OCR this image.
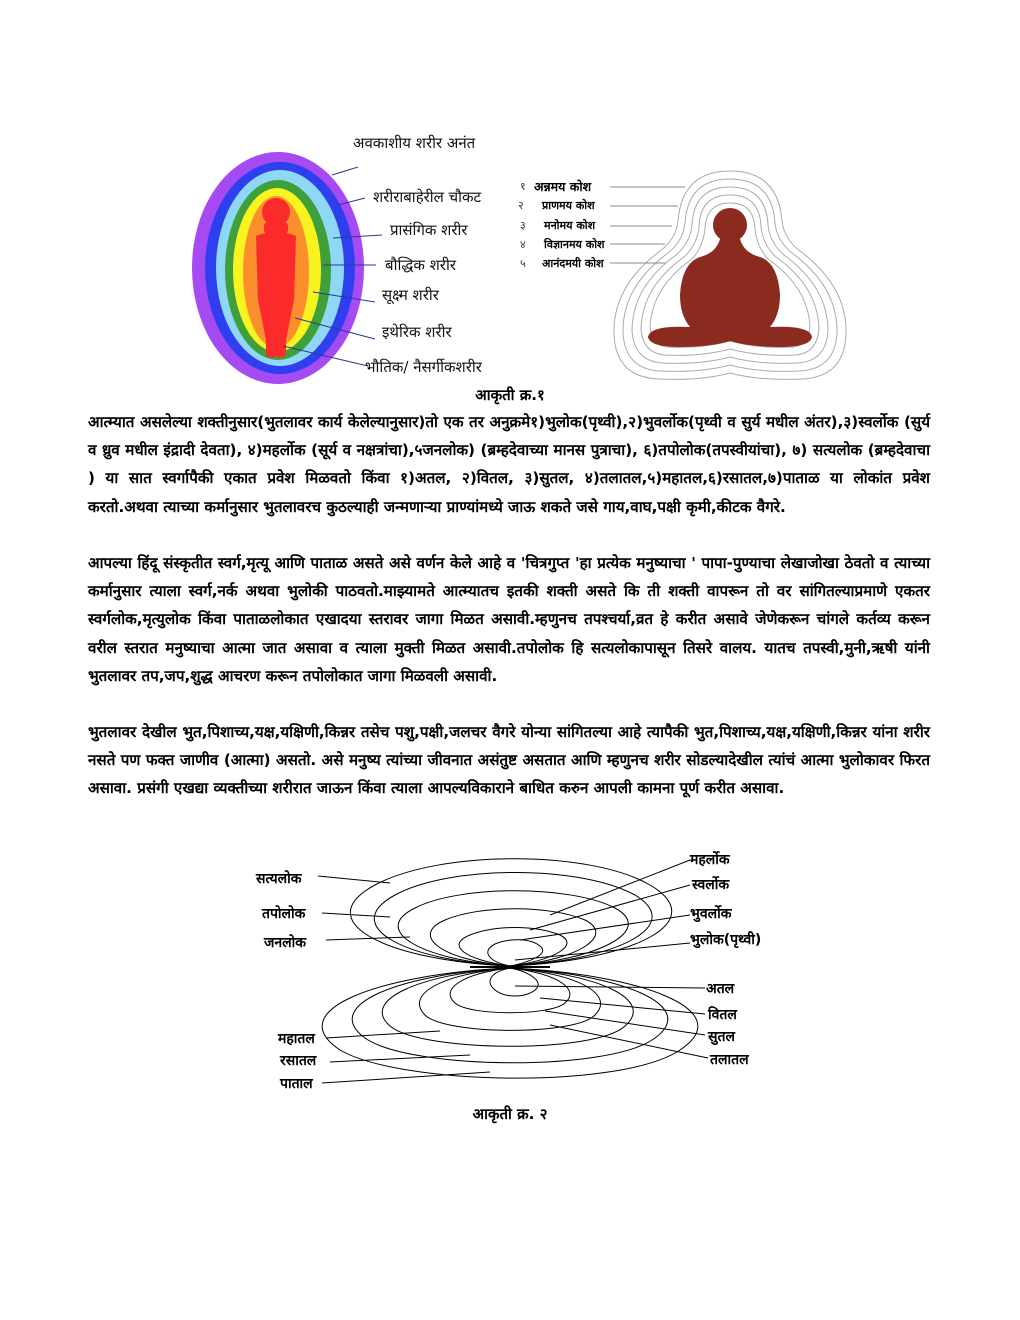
अवकाशीय शरीर अनंत
शरीराबाहेरील चौकट
प्रासंगिक शरीर
बौद्धिक शरीर
सूक्ष्म शरीर
इथेरिक शरीर
भौतिक/ नैसर्गीकशरीर
१
२
३
४
५
अन्नमय कोश
प्राणमय कोश
मनोमय कोश
विज्ञानमय कोश
आनंदमयी कोश
आकृती क्र.१

आत्म्यात असलेल्या शक्तीनुसार(भुतलावर कार्य केलेल्यानुसार)तो एक तर अनुक्रमे१)भुलोक(पृथ्वी),२)भुवर्लोक(पृथ्वी व सुर्य मधील अंतर),३)स्वर्लोक (सुर्य व ध्रुव मधील इंद्रादी देवता), ४)महर्लोक (सूर्य व नक्षत्रांचा),५जनलोक) (ब्रम्हदेवाच्या मानस पुत्राचा), ६)तपोलोक(तपस्वीयांचा), ७) सत्यलोक (ब्रम्हदेवाचा ) या सात स्वर्गापैकी एकात प्रवेश मिळवतो किंवा १)अतल, २)वितल, ३)सुतल, ४)तलातल,५)महातल,६)रसातल,७)पाताळ या लोकांत प्रवेश करतो.अथवा त्याच्या कर्मानुसार भुतलावरच कुठल्याही जन्मणाऱ्या प्राण्यांमध्ये जाऊ शकते जसे गाय,वाघ,पक्षी कृमी,कीटक वैगरे.

आपल्या हिंदू संस्कृतीत स्वर्ग,मृत्यू आणि पाताळ असते असे वर्णन केले आहे व 'चित्रगुप्त 'हा प्रत्येक मनुष्याचा ' पापा-पुण्याचा लेखाजोखा ठेवतो व त्याच्या कर्मानुसार त्याला स्वर्ग,नर्क अथवा भुलोकी पाठवतो.माझ्यामते आत्म्यातच इतकी शक्ती असते कि ती शक्ती वापरून तो वर सांगितल्याप्रमाणे एकतर स्वर्गलोक,मृत्युलोक किंवा पाताळलोकात एखादया स्तरावर जागा मिळत असावी.म्हणुनच तपश्चर्या,व्रत हे करीत असावे जेणेकरून चांगले कर्तव्य करून वरील स्तरात मनुष्याचा आत्मा जात असावा व त्याला मुक्ती मिळत असावी.तपोलोक हि सत्यलोकापासून तिसरे वालय. यातच तपस्वी,मुनी,ऋषी यांनी भुतलावर तप,जप,शुद्ध आचरण करून तपोलोकात जागा मिळवली असावी.

भुतलावर देखील भुत,पिशाच्य,यक्ष,यक्षिणी,किन्नर तसेच पशु,पक्षी,जलचर वैगरे योन्या सांगितल्या आहे त्यापैकी भुत,पिशाच्य,यक्ष,यक्षिणी,किन्नर यांना शरीर नसते पण फक्त जाणीव (आत्मा) असतो. असे मनुष्य त्यांच्या जीवनात असंतुष्ट असतात आणि म्हणुनच शरीर सोडल्यादेखील त्यांचं आत्मा भुलोकावर फिरत असावा. प्रसंगी एखद्या व्यक्तीच्या शरीरात जाऊन किंवा त्याला आपल्यविकाराने बाधित करुन आपली कामना पूर्ण करीत असावा.

सत्यलोक
तपोलोक
जनलोक
महर्लोक
स्वर्लोक
भुवर्लोक
भुलोक(पृथ्वी)
अतल
वितल
सुतल
तलातल
महातल
रसातल
पाताल
आकृती क्र. २
